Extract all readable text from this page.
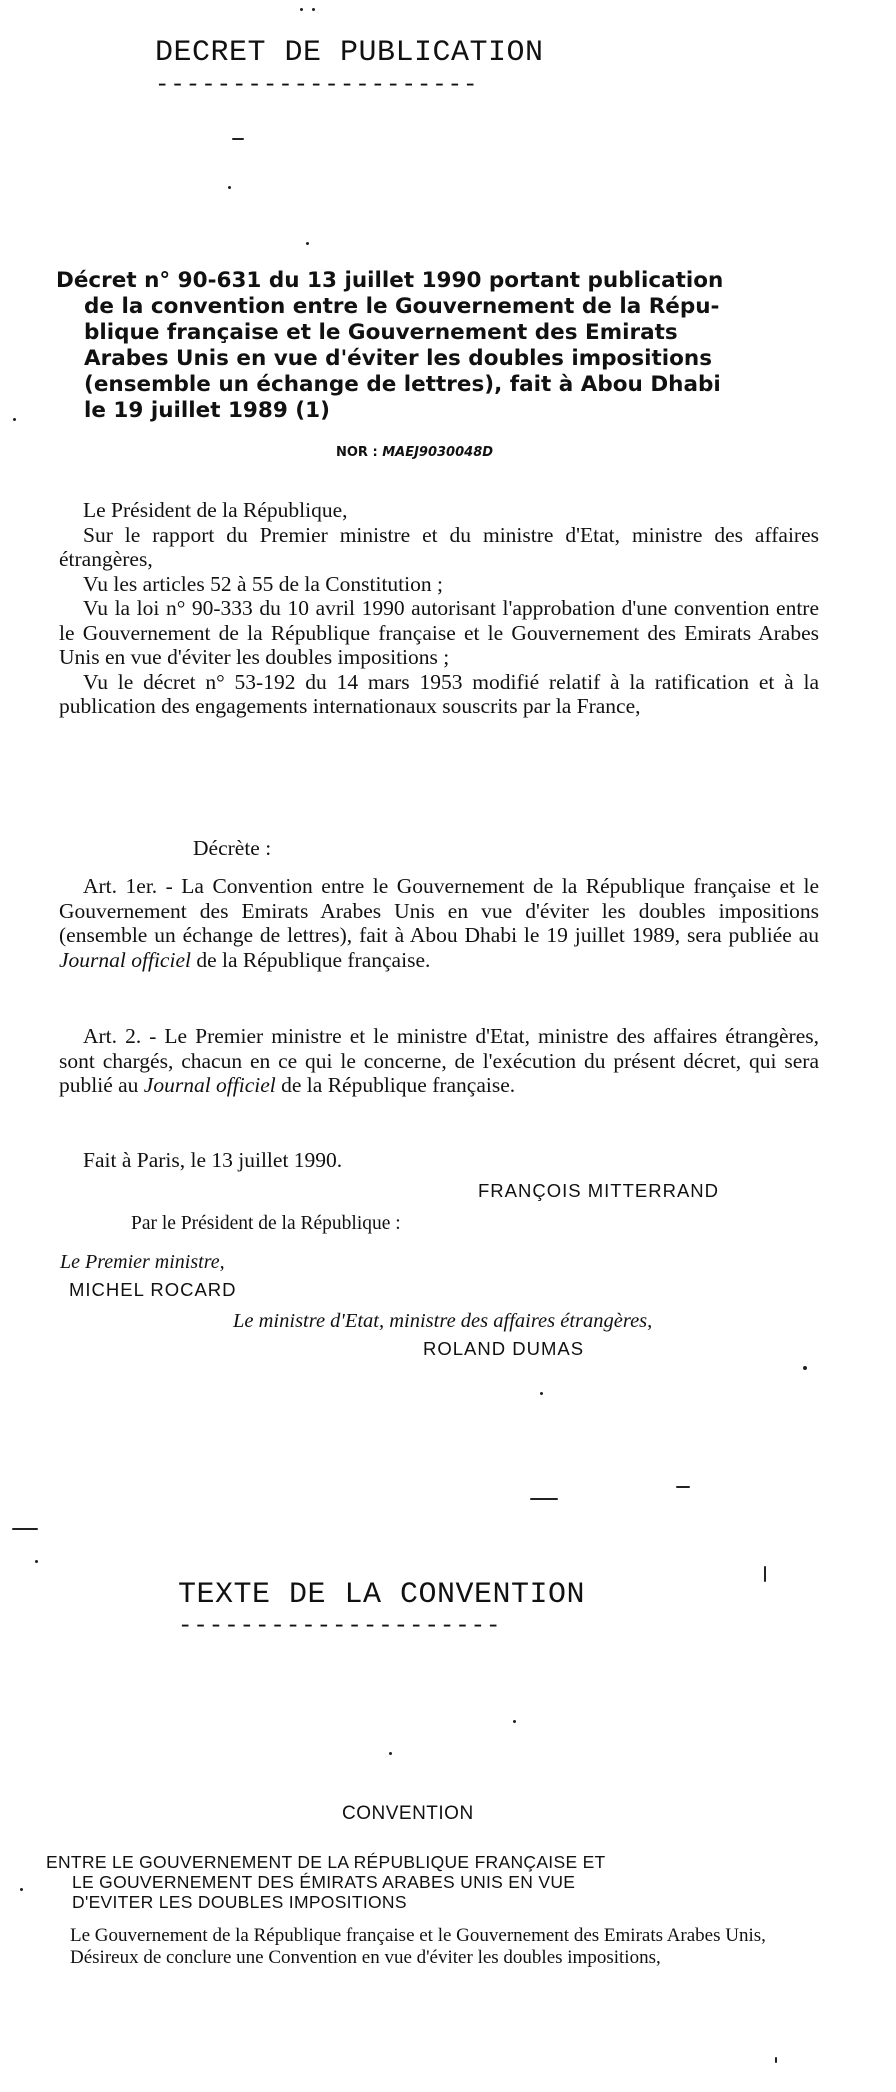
DECRET DE PUBLICATION
---------------------
Décret n° 90-631 du 13 juillet 1990 portant publication
de la convention entre le Gouvernement de la Répu-
blique française et le Gouvernement des Emirats
Arabes Unis en vue d'éviter les doubles impositions
(ensemble un échange de lettres), fait à Abou Dhabi
le 19 juillet 1989 (1)
NOR : MAEJ9030048D

Le Président de la République,

Sur le rapport du Premier ministre et du ministre d'Etat, ministre des affaires étrangères,

Vu les articles 52 à 55 de la Constitution ;

Vu la loi n° 90-333 du 10 avril 1990 autorisant l'approbation d'une convention entre le Gouvernement de la République française et le Gouvernement des Emirats Arabes Unis en vue d'éviter les doubles impositions ;

Vu le décret n° 53-192 du 14 mars 1953 modifié relatif à la ratification et à la publication des engagements internationaux souscrits par la France,

Décrète :

Art. 1er. - La Convention entre le Gouvernement de la République française et le Gouvernement des Emirats Arabes Unis en vue d'éviter les doubles impositions (ensemble un échange de lettres), fait à Abou Dhabi le 19 juillet 1989, sera publiée au Journal officiel de la République française.

Art. 2. - Le Premier ministre et le ministre d'Etat, ministre des affaires étrangères, sont chargés, chacun en ce qui le concerne, de l'exécution du présent décret, qui sera publié au Journal officiel de la République française.

Fait à Paris, le 13 juillet 1990.
FRANÇOIS MITTERRAND
Par le Président de la République :
Le Premier ministre,
MICHEL ROCARD
Le ministre d'Etat, ministre des affaires étrangères,
ROLAND DUMAS
TEXTE DE LA CONVENTION
---------------------
CONVENTION
ENTRE LE GOUVERNEMENT DE LA RÉPUBLIQUE FRANÇAISE ET
LE GOUVERNEMENT DES ÉMIRATS ARABES UNIS EN VUE
D'EVITER LES DOUBLES IMPOSITIONS

Le Gouvernement de la République française et le Gouvernement des Emirats Arabes Unis,

Désireux de conclure une Convention en vue d'éviter les doubles impositions,
